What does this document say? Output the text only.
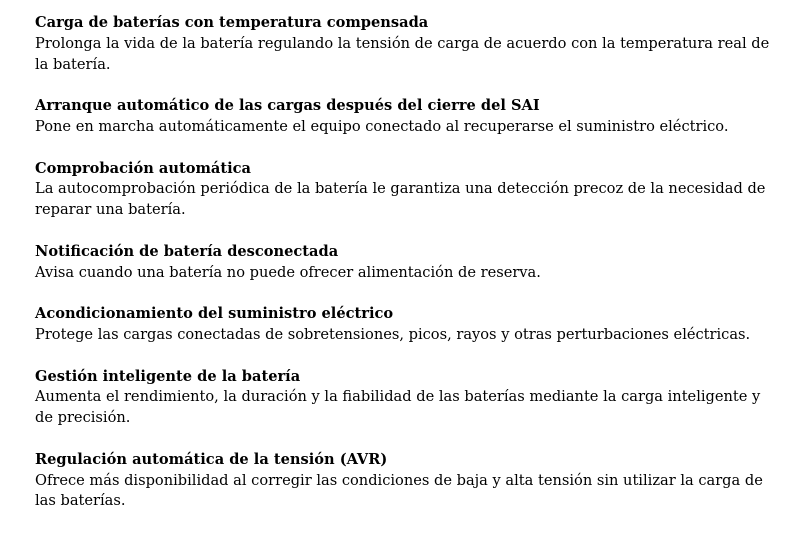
Carga de baterías con temperatura compensada
Prolonga la vida de la batería regulando la tensión de carga de acuerdo con la temperatura real de la batería.
Arranque automático de las cargas después del cierre del SAI
Pone en marcha automáticamente el equipo conectado al recuperarse el suministro eléctrico.
Comprobación automática
La autocomprobación periódica de la batería le garantiza una detección precoz de la necesidad de reparar una batería.
Notificación de batería desconectada
Avisa cuando una batería no puede ofrecer alimentación de reserva.
Acondicionamiento del suministro eléctrico
Protege las cargas conectadas de sobretensiones, picos, rayos y otras perturbaciones eléctricas.
Gestión inteligente de la batería
Aumenta el rendimiento, la duración y la fiabilidad de las baterías mediante la carga inteligente y de precisión.
Regulación automática de la tensión (AVR)
Ofrece más disponibilidad al corregir las condiciones de baja y alta tensión sin utilizar la carga de las baterías.
